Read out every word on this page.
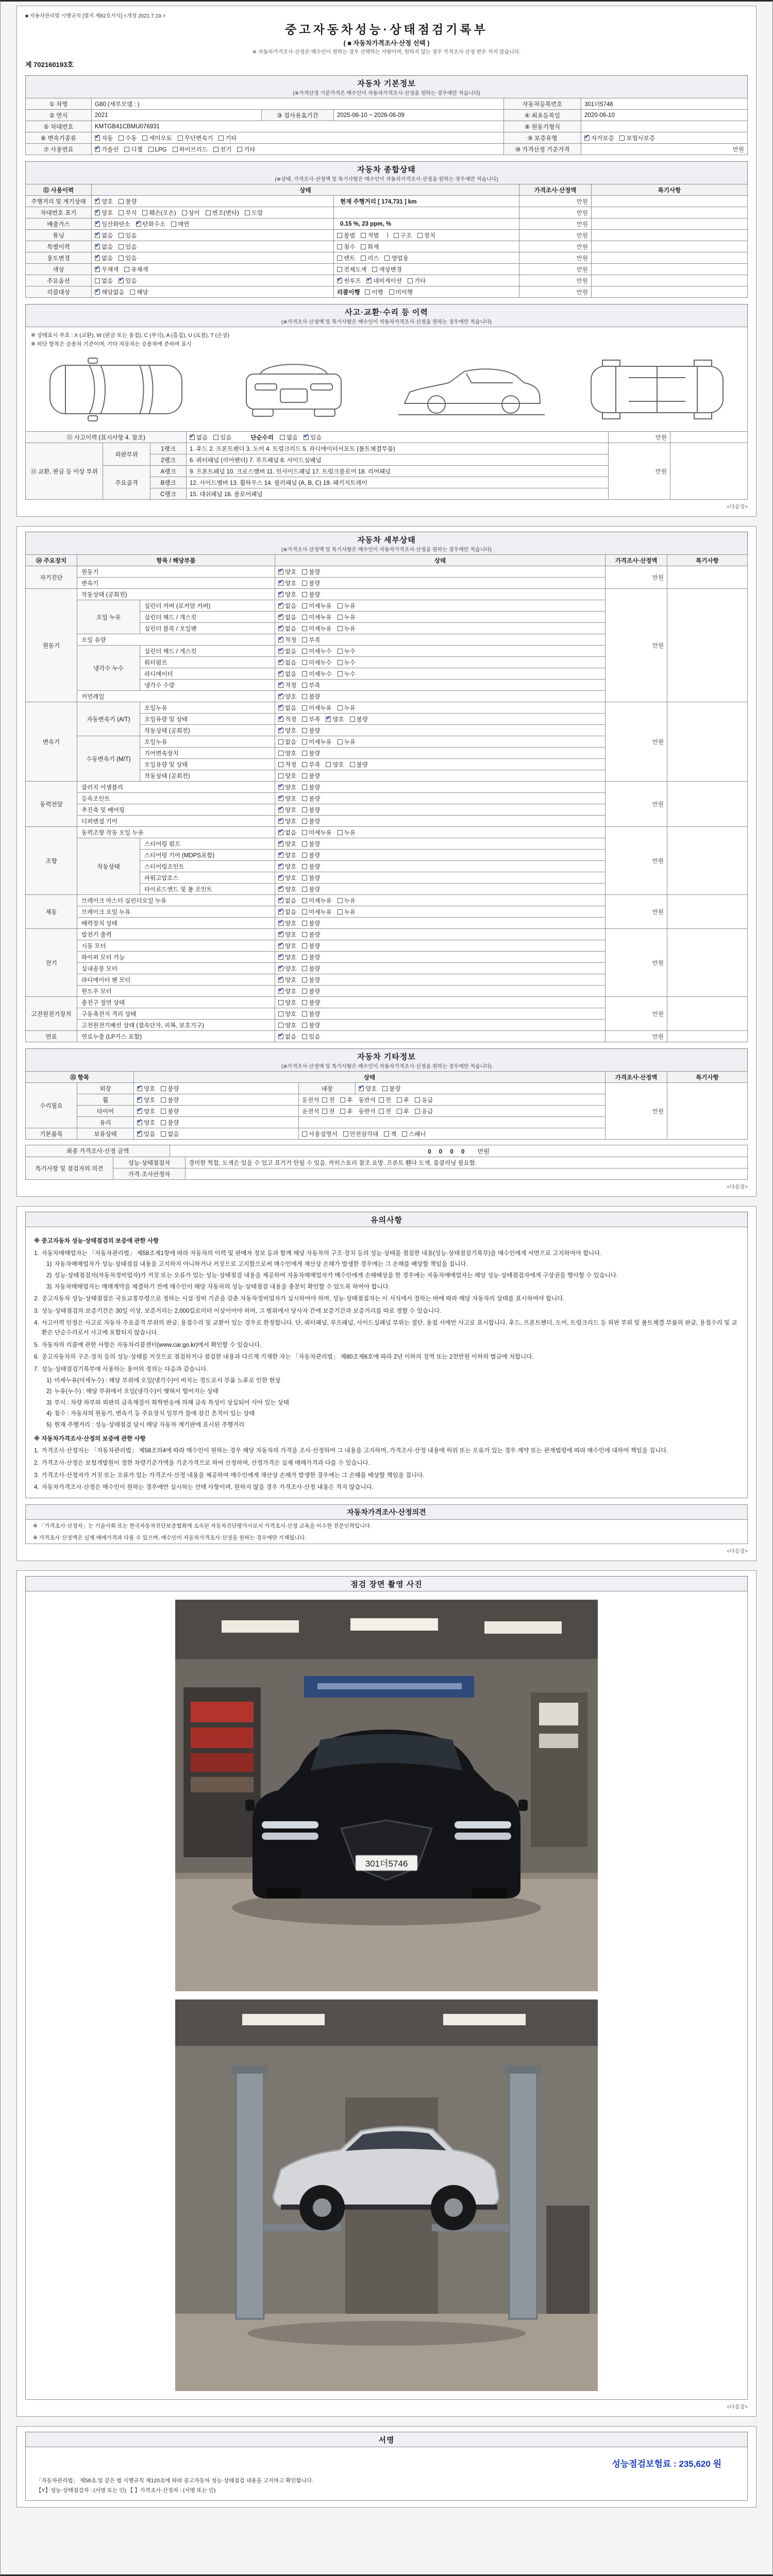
■ 자동차관리법 시행규칙 [별지 제82호서식] <개정 2021.7.19.>
중고자동차성능·상태점검기록부
( ■ 자동차가격조사·산정 선택 )
※ 자동차가격조사·산정은 매수인이 원하는 경우 선택하는 사항이며, 원하지 않는 경우 가격조사·산정 란은 적지 않습니다.
제 702160193호
자동차 기본정보
(※가격산정 기준가격은 매수인이 자동차가격조사·산정을 원하는 경우에만 적습니다)
① 차명	G80 (세부모델 : )			자동차등록번호	301더5746
② 연식	2021	③ 검사유효기간	2025-06-10 ~ 2026-06-09	④ 최초등록일	2020-06-10
⑤ 차대번호	KMTGB41CBMU076931			⑧ 원동기형식	
⑥ 변속기종류	✔자동 수동 세미오토 무단변속기 기타			⑨ 보증유형	✔자가보증 보험사보증
⑦ 사용연료	✔가솔린 디젤 LPG 하이브리드 전기 기타			⑩ 가격산정 기준가격	만원
자동차 종합상태
(※상태, 가격조사·산정액 및 특기사항은 매수인이 자동차가격조사·산정을 원하는 경우에만 적습니다)
⑪ 사용이력	상태		가격조사·산정액	특기사항
주행거리 및 계기상태	✔양호 불량	현재 주행거리 [ 174,731 ] km	만원	
차대번호 표기	✔양호 부식 훼손(오손) 상이 변조(변타) 도말		만원	
배출가스	✔일산화탄소 ✔ 탄화수소 매연	0.15 %, 23 ppm, %	만원	
튜닝	✔없음 있음	불법 적법 ㅣ 구조 장치	만원	
특별이력	✔없음 있음	침수 화재	만원	
용도변경	✔없음 있음	렌트 리스 영업용	만원	
색상	✔무채색 유채색	전체도색 색상변경	만원	
주요옵션	없음 ✔ 있음	✔썬루프 ✔ 네비게이션 기타	만원	
리콜대상	✔해당없음 해당	리콜이행 이행 미이행	만원	
사고·교환·수리 등 이력
(※가격조사·산정액 및 특기사항은 매수인이 자동차가격조사·산정을 원하는 경우에만 적습니다)
※ 상태표시 부호 : X (교환), W (판금 또는 용접), C (부식), A (흠집), U (요철), T (손상)
※ 하단 항목은 승용차 기준이며, 기타 자동차는 승용차에 준하여 표시
⑫ 사고이력 (표시사항 4. 참조)	✔없음 있음 단순수리 없음 ✔ 있음	만원	
⑬ 교환, 판금 등 이상 부위	외판부위	1랭크	1. 후드 2. 프론트펜더 3. 도어 4. 트렁크리드 5. 라디에이터서포트 (볼트체결부품)	만원	
		2랭크	6. 쿼터패널 (리어펜더) 7. 루프패널 8. 사이드실패널		
	주요골격	A랭크	9. 프론트패널 10. 크로스멤버 11. 인사이드패널 17. 트렁크플로어 18. 리어패널		
		B랭크	12. 사이드멤버 13. 휠하우스 14. 필러패널 (A, B, C) 19. 패키지트레이		
		C랭크	15. 대쉬패널 16. 플로어패널		
<다음장>
자동차 세부상태
(※가격조사·산정액 및 특기사항은 매수인이 자동차가격조사·산정을 원하는 경우에만 적습니다)
⑭ 주요장치	항목 / 해당부품		상태	가격조사·산정액	특기사항
자기진단	원동기	✔양호 불량	만원	
	변속기	✔양호 불량
원동기	작동상태 (공회전)	✔양호 불량	만원	
	오일 누유	실린더 커버 (로커암 커버)	✔없음 미세누유 누유
		실린더 헤드 / 개스킷	✔없음 미세누유 누유
		실린더 블록 / 오일팬	✔없음 미세누유 누유
	오일 유량	✔적정 부족
	냉각수 누수	실린더 헤드 / 개스킷	✔없음 미세누수 누수
		워터펌프	✔없음 미세누수 누수
		라디에이터	✔없음 미세누수 누수
		냉각수 수량	✔적정 부족
	커먼레일	✔양호 불량
변속기	자동변속기 (A/T)	오일누유	✔없음 미세누유 누유	만원	
		오일유량 및 상태	✔적정 부족 ✔ 양호 불량
		작동상태 (공회전)	✔양호 불량
	수동변속기 (M/T)	오일누유	없음 미세누유 누유		
		기어변속장치	양호 불량		
		오일유량 및 상태	적정 부족 양호 불량		
		작동상태 (공회전)	양호 불량		
동력전달	클러치 어셈블리	✔양호 불량	만원	
	등속조인트	✔양호 불량
	추진축 및 베어링	✔양호 불량
	디퍼렌셜 기어	✔양호 불량
조향	동력조향 작동 오일 누유	✔없음 미세누유 누유	만원	
	작동상태	스티어링 펌프	✔양호 불량
		스티어링 기어 (MDPS포함)	✔양호 불량
		스티어링조인트	✔양호 불량
		파워고압호스	✔양호 불량
		타이로드엔드 및 볼 조인트	✔양호 불량
제동	브레이크 마스터 실린더오일 누유	✔없음 미세누유 누유	만원	
	브레이크 오일 누유	✔없음 미세누유 누유
	배력장치 상태	✔양호 불량
전기	발전기 출력	✔양호 불량	만원	
	시동 모터	✔양호 불량
	와이퍼 모터 기능	✔양호 불량
	실내송풍 모터	✔양호 불량
	라디에이터 팬 모터	✔양호 불량
	윈도우 모터	✔양호 불량
고전원전기장치	충전구 절연 상태		양호 불량	만원	
	구동축전지 격리 상태		양호 불량		
	고전원전기배선 상태 (접속단자, 피복, 보호기구)		양호 불량		
연료	연료누출 (LP가스 포함)	✔없음 있음	만원	
자동차 기타정보
(※가격조사·산정액 및 특기사항은 매수인이 자동차가격조사·산정을 원하는 경우에만 적습니다)
⑮ 항목		상태			가격조사·산정액	특기사항
수리필요	외장	✔양호 불량	내장	✔양호 불량	만원	
	휠	✔양호 불량	운전석 전 후 동반석 전 후 응급			
	타이어	✔양호 불량	운전석 전 후 동반석 전 후 응급			
	유리	✔양호 불량	
기본품목	보유상태	✔있음 없음	사용설명서 안전삼각대 잭 스패너			
최종 가격조사·산정 금액	0 0 0 0 만원
특기사항 및 점검자의 의견	성능·상태점검자	경미한 찍힘, 도색은 있을 수 있고 표기가 안될 수 있음. 카히스토리 참조 요망. 프론트 휀다 도색. 룸클리닝 필요함.
	가격·조사산정자	
<다음장>
유의사항
※ 중고자동차 성능·상태점검의 보증에 관한 사항
1. 자동차매매업자는 「자동차관리법」 제58조제1항에 따라 자동차의 이력 및 판매자 정보 등과 함께 해당 자동차의 구조·장치 등의 성능·상태를 점검한 내용(성능·상태점검기록부)을 매수인에게 서면으로 고지하여야 합니다.
1) 자동차매매업자가 성능·상태점검 내용을 고지하지 아니하거나 거짓으로 고지함으로써 매수인에게 재산상 손해가 발생한 경우에는 그 손해를 배상할 책임을 집니다.
2) 성능·상태점검자(자동차정비업자)가 거짓 또는 오류가 있는 성능·상태점검 내용을 제공하여 자동차매매업자가 매수인에게 손해배상을 한 경우에는 자동차매매업자는 해당 성능·상태점검자에게 구상권을 행사할 수 있습니다.
3) 자동차매매업자는 매매계약을 체결하기 전에 매수인이 해당 자동차의 성능·상태점검 내용을 충분히 확인할 수 있도록 하여야 합니다.
2. 중고자동차 성능·상태점검은 국토교통부령으로 정하는 시설·장비 기준을 갖춘 자동차정비업자가 실시하여야 하며, 성능·상태점검자는 이 서식에서 정하는 바에 따라 해당 자동차의 상태를 표시하여야 합니다.
3. 성능·상태점검의 보증기간은 30일 이상, 보증거리는 2,000킬로미터 이상이어야 하며, 그 범위에서 당사자 간에 보증기간과 보증거리를 따로 정할 수 있습니다.
4. 사고이력 인정은 사고로 자동차 주요골격 부위의 판금, 용접수리 및 교환이 있는 경우로 한정합니다. 단, 쿼터패널, 루프패널, 사이드실패널 부위는 절단, 용접 시에만 사고로 표시합니다. 후드, 프론트펜더, 도어, 트렁크리드 등 외판 부위 및 볼트체결 부품의 판금, 용접수리 및 교환은 단순수리로서 사고에 포함되지 않습니다.
5. 자동차의 리콜에 관한 사항은 자동차리콜센터(www.car.go.kr)에서 확인할 수 있습니다.
6. 중고자동차의 구조·장치 등의 성능·상태를 거짓으로 점검하거나 점검한 내용과 다르게 기재한 자는 「자동차관리법」 제80조제6호에 따라 2년 이하의 징역 또는 2천만원 이하의 벌금에 처합니다.
7. 성능·상태점검기록부에 사용하는 용어의 정의는 다음과 같습니다.
1) 미세누유(미세누수) : 해당 부위에 오일(냉각수)이 비치는 정도로서 부품 노후로 인한 현상
2) 누유(누수) : 해당 부위에서 오일(냉각수)이 맺혀서 떨어지는 상태
3) 부식 : 차량 하부와 외판의 금속재질이 화학반응에 의해 금속 특성이 상실되어 삭아 있는 상태
4) 침수 : 자동차의 원동기, 변속기 등 주요장치 일부가 물에 잠긴 흔적이 있는 상태
5) 현재 주행거리 : 성능·상태점검 당시 해당 자동차 계기판에 표시된 주행거리
※ 자동차가격조사·산정의 보증에 관한 사항
1. 가격조사·산정자는 「자동차관리법」 제58조의4에 따라 매수인이 원하는 경우 해당 자동차의 가격을 조사·산정하여 그 내용을 고지하며, 가격조사·산정 내용에 허위 또는 오류가 있는 경우 계약 또는 관계법령에 따라 매수인에 대하여 책임을 집니다.
2. 가격조사·산정은 보험개발원이 정한 차량기준가액을 기준가격으로 하여 산정하며, 산정가격은 실제 매매가격과 다를 수 있습니다.
3. 가격조사·산정자가 거짓 또는 오류가 있는 가격조사·산정 내용을 제공하여 매수인에게 재산상 손해가 발생한 경우에는 그 손해를 배상할 책임을 집니다.
4. 자동차가격조사·산정은 매수인이 원하는 경우에만 실시하는 선택 사항이며, 원하지 않을 경우 가격조사·산정 내용은 적지 않습니다.
자동차가격조사·산정의견
※ 「가격조사·산정자」는 기술사회 또는 한국자동차진단보증협회에 소속된 자동차진단평가사로서 가격조사·산정 교육을 이수한 전문인력입니다.
※ 가격조사·산정액은 실제 매매가격과 다를 수 있으며, 매수인이 자동차가격조사·산정을 원하는 경우에만 기재됩니다.
<다음장>
점검 장면 촬영 사진
301더5746
<다음장>
서명
성능점검보험료 : 235,620 원
「자동차관리법」 제58조 및 같은 법 시행규칙 제120조에 따라 중고자동차 성능·상태점검 내용을 고지하고 확인합니다.
【Y】성능·상태점검자 : (서명 또는 인) 【 】가격조사·산정자 : (서명 또는 인)
